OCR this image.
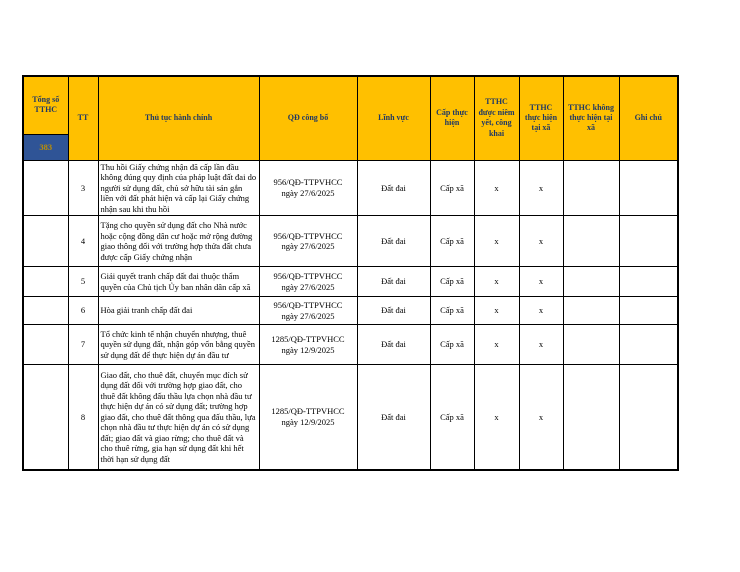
Tổng số TTHC	TT	Thủ tục hành chính	QĐ công bố	Lĩnh vực	Cấp thực hiện	TTHC được niêm yết, công khai	TTHC thực hiện tại xã	TTHC không thực hiện tại xã	Ghi chú
383									
	3	Thu hồi Giấy chứng nhận đã cấp lần đầu không đúng quy định của pháp luật đất đai do người sử dụng đất, chủ sở hữu tài sản gắn liền với đất phát hiện và cấp lại Giấy chứng nhận sau khi thu hồi	956/QĐ-TTPVHCC
ngày 27/6/2025	Đất đai	Cấp xã	x	x		
	4	Tặng cho quyền sử dụng đất cho Nhà nước hoặc cộng đồng dân cư hoặc mở rộng đường giao thông đối với trường hợp thửa đất chưa được cấp Giấy chứng nhận	956/QĐ-TTPVHCC
ngày 27/6/2025	Đất đai	Cấp xã	x	x		
	5	Giải quyết tranh chấp đất đai thuộc thẩm quyền của Chủ tịch Ủy ban nhân dân cấp xã	956/QĐ-TTPVHCC
ngày 27/6/2025	Đất đai	Cấp xã	x	x		
	6	Hòa giải tranh chấp đất đai	956/QĐ-TTPVHCC
ngày 27/6/2025	Đất đai	Cấp xã	x	x		
	7	Tổ chức kinh tế nhận chuyển nhượng, thuê quyền sử dụng đất, nhận góp vốn bằng quyền sử dụng đất để thực hiện dự án đầu tư	1285/QĐ-TTPVHCC
ngày 12/9/2025	Đất đai	Cấp xã	x	x		
	8	Giao đất, cho thuê đất, chuyển mục đích sử dụng đất đối với trường hợp giao đất, cho thuê đất không đấu thầu lựa chọn nhà đầu tư thực hiện dự án có sử dụng đất; trường hợp giao đất, cho thuê đất thông qua đấu thầu, lựa chọn nhà đầu tư thực hiện dự án có sử dụng đất; giao đất và giao rừng; cho thuê đất và cho thuê rừng, gia hạn sử dụng đất khi hết thời hạn sử dụng đất	1285/QĐ-TTPVHCC
ngày 12/9/2025	Đất đai	Cấp xã	x	x		
